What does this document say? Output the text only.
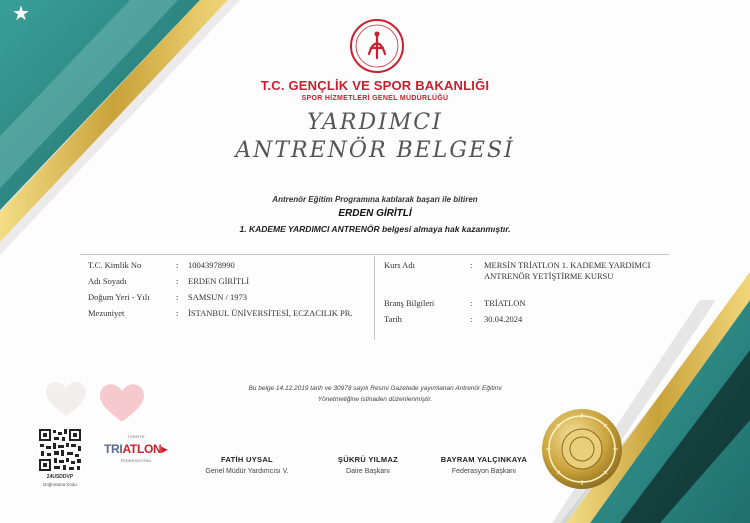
★
T.C. GENÇLİK VE SPOR BAKANLIĞI
SPOR HİZMETLERİ GENEL MÜDÜRLÜĞÜ
YARDIMCI
ANTRENÖR BELGESİ
Antrenör Eğitim Programına katılarak başarı ile bitiren
ERDEN GİRİTLİ
1. KADEME YARDIMCI ANTRENÖR belgesi almaya hak kazanmıştır.
T.C. Kimlik No	: 10043978990
Adı Soyadı	: ERDEN GİRİTLİ
Doğum Yeri - Yılı	: SAMSUN / 1973
Mezuniyet	: İSTANBUL ÜNİVERSİTESİ, ECZACILIK PR.
Kurs Adı	: MERSİN TRİATLON 1. KADEME YARDIMCI ANTRENÖR YETİŞTİRME KURSU
Branş Bilgileri	: TRİATLON
Tarih	: 30.04.2024
Bu belge 14.12.2019 tarih ve 30978 sayılı Resmi Gazetede yayımlanan Antrenör Eğitimi
Yönetmeliğine istinaden düzenlenmiştir.
24USDDVP
Doğrulama Kodu
TÜRKİYE
TRIATLON▸
FEDERASYONU	FATİH UYSAL
Genel Müdür Yardımcısı V.
ŞÜKRÜ YILMAZ
Daire Başkanı
BAYRAM YALÇINKAYA
Federasyon Başkanı
